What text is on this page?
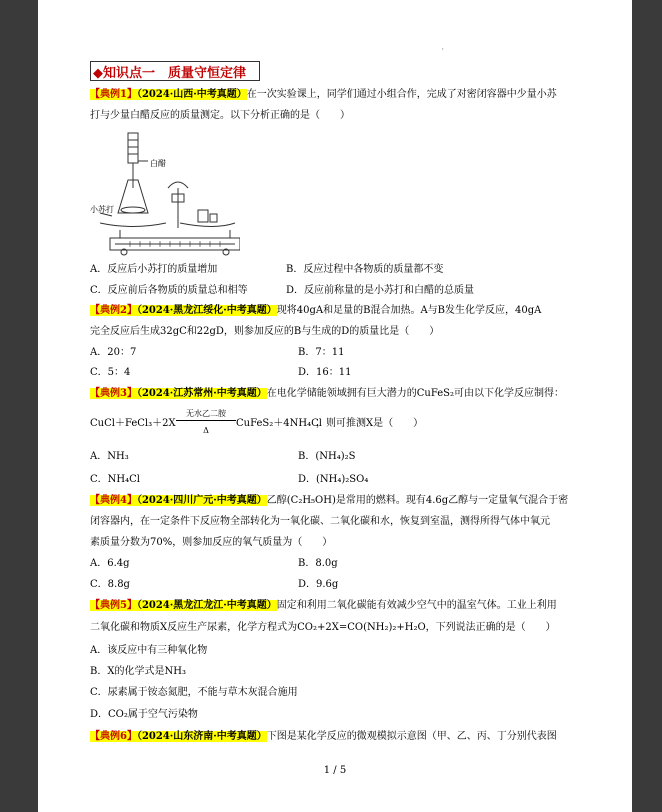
'
◆知识点一　质量守恒定律
【典例1】（2024·山西·中考真题）在一次实验课上，同学们通过小组合作，完成了对密闭容器中少量小苏
打与少量白醋反应的质量测定。以下分析正确的是（　　）
白醋
小苏打
A．反应后小苏打的质量增加	B．反应过程中各物质的质量都不变
C．反应前后各物质的质量总和相等	D．反应前称量的是小苏打和白醋的总质量
【典例2】（2024·黑龙江绥化·中考真题）现将40gA和足量的B混合加热。A与B发生化学反应，40gA
完全反应后生成32gC和22gD，则参加反应的B与生成的D的质量比是（　　）
A．20：7	B．7：11
C．5：4	D．16：11
【典例3】（2024·江苏常州·中考真题）在电化学储能领域拥有巨大潜力的CuFeS₂可由以下化学反应制得：
CuCl＋FeCl₃＋2X
无水乙二胺
Δ
CuFeS₂＋4NH₄Cl
，则可推测X是（　　）
A．NH₃	B．(NH₄)₂S
C．NH₄Cl	D．(NH₄)₂SO₄
【典例4】（2024·四川广元·中考真题）乙醇(C₂H₅OH)是常用的燃料。现有4.6g乙醇与一定量氧气混合于密
闭容器内，在一定条件下反应物全部转化为一氧化碳、二氧化碳和水，恢复到室温，测得所得气体中氧元
素质量分数为70%，则参加反应的氧气质量为（　　）
A．6.4g	B．8.0g
C．8.8g	D．9.6g
【典例5】（2024·黑龙江龙江·中考真题）固定和利用二氧化碳能有效减少空气中的温室气体。工业上利用
二氧化碳和物质X反应生产尿素，化学方程式为CO₂+2X=CO(NH₂)₂+H₂O，下列说法正确的是（　　）
A．该反应中有三种氧化物
B．X的化学式是NH₃
C．尿素属于铵态氮肥，不能与草木灰混合施用
D．CO₂属于空气污染物
【典例6】（2024·山东济南·中考真题）下图是某化学反应的微观模拟示意图（甲、乙、丙、丁分别代表图
1 / 5
